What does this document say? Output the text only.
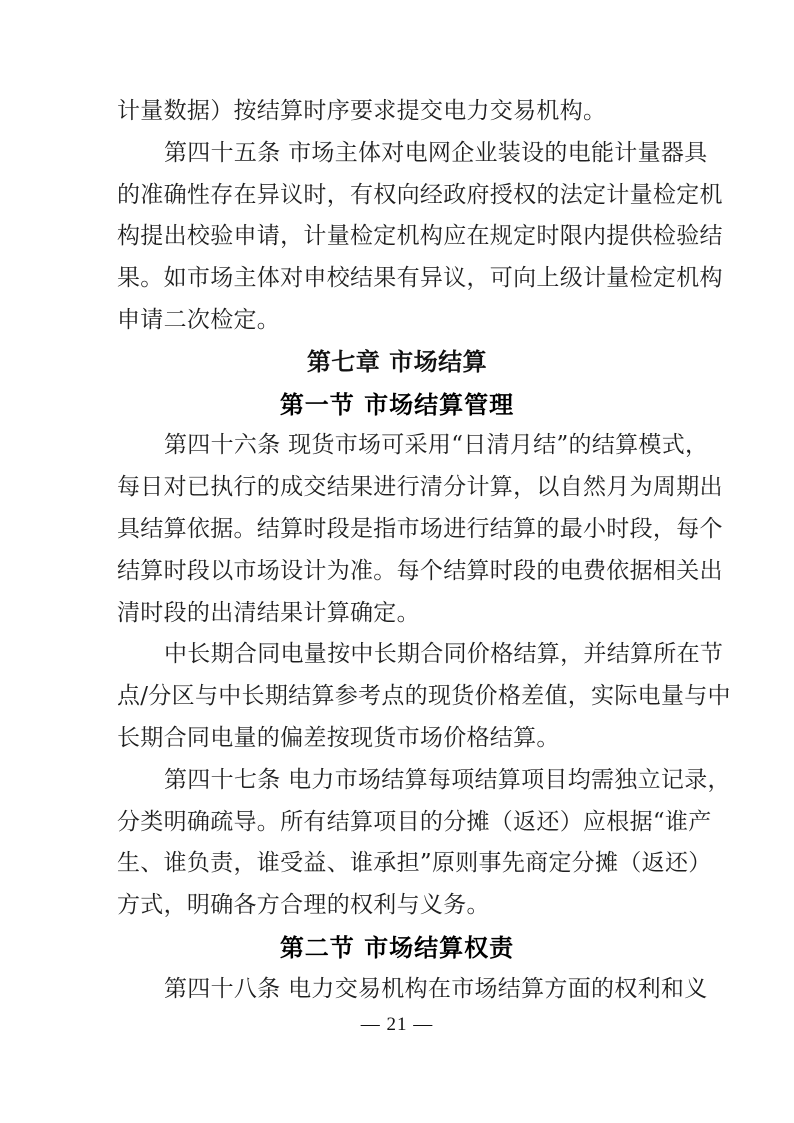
计量数据）按结算时序要求提交电力交易机构。
第四十五条 市场主体对电网企业装设的电能计量器具
的准确性存在异议时，有权向经政府授权的法定计量检定机
构提出校验申请，计量检定机构应在规定时限内提供检验结
果。如市场主体对申校结果有异议，可向上级计量检定机构
申请二次检定。
第七章 市场结算
第一节 市场结算管理
第四十六条 现货市场可采用“日清月结”的结算模式，
每日对已执行的成交结果进行清分计算，以自然月为周期出
具结算依据。结算时段是指市场进行结算的最小时段，每个
结算时段以市场设计为准。每个结算时段的电费依据相关出
清时段的出清结果计算确定。
中长期合同电量按中长期合同价格结算，并结算所在节
点/分区与中长期结算参考点的现货价格差值，实际电量与中
长期合同电量的偏差按现货市场价格结算。
第四十七条 电力市场结算每项结算项目均需独立记录，
分类明确疏导。所有结算项目的分摊（返还）应根据“谁产
生、谁负责，谁受益、谁承担”原则事先商定分摊（返还）
方式，明确各方合理的权利与义务。
第二节 市场结算权责
第四十八条 电力交易机构在市场结算方面的权利和义
— 21 —
